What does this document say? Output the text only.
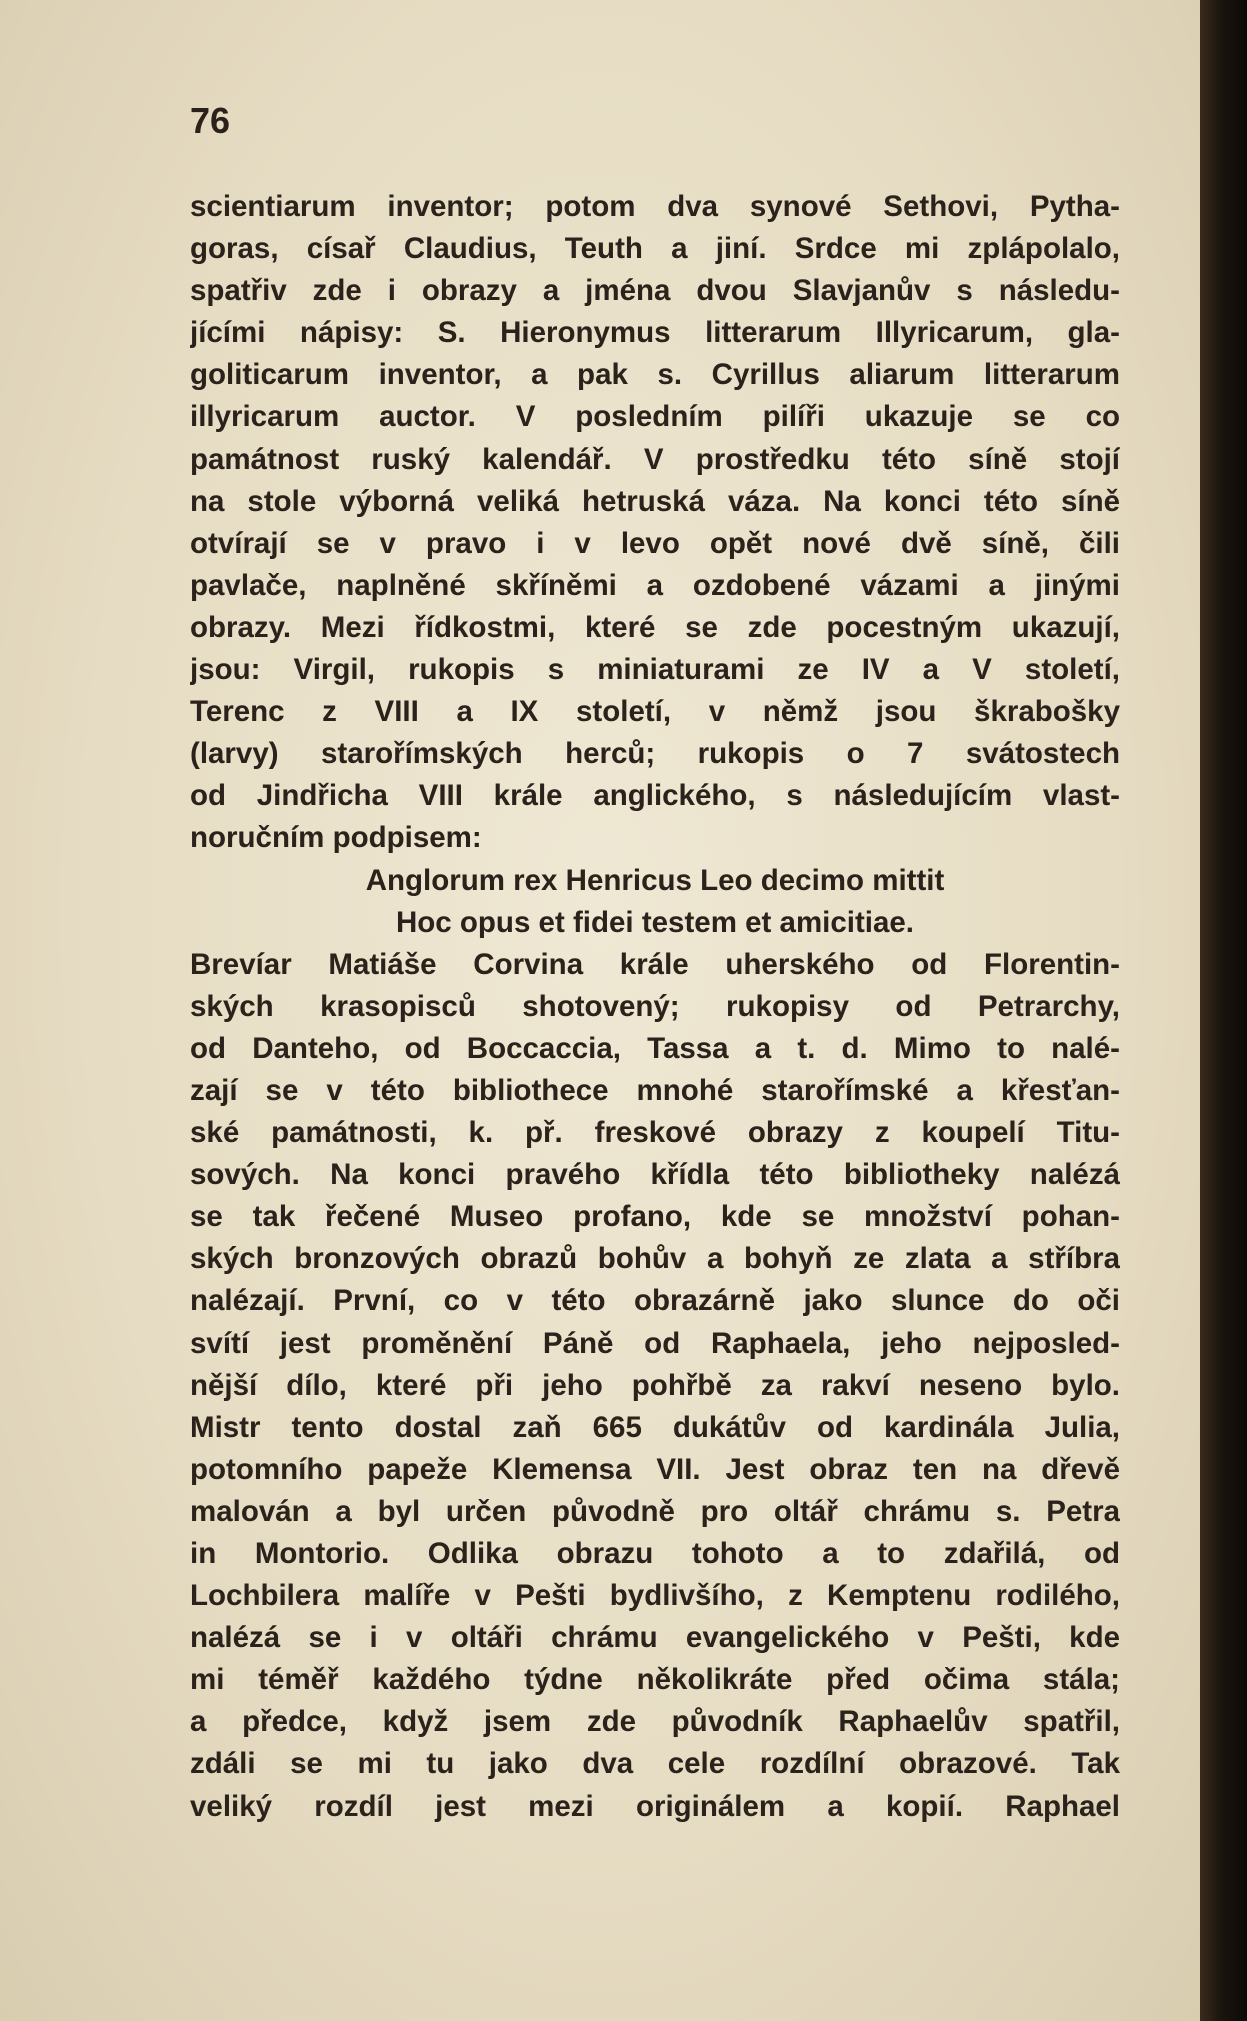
76
scientiarum inventor; potom dva synové Sethovi, Pytha-
goras, císař Claudius, Teuth a jiní. Srdce mi zplápolalo,
spatřiv zde i obrazy a jména dvou Slavjanův s následu-
jícími nápisy: S. Hieronymus litterarum Illyricarum, gla-
goliticarum inventor, a pak s. Cyrillus aliarum litterarum
illyricarum auctor. V posledním pilíři ukazuje se co
památnost ruský kalendář. V prostředku této síně stojí
na stole výborná veliká hetruská váza. Na konci této síně
otvírají se v pravo i v levo opět nové dvě síně, čili
pavlače, naplněné skříněmi a ozdobené vázami a jinými
obrazy. Mezi řídkostmi, které se zde pocestným ukazují,
jsou: Virgil, rukopis s miniaturami ze IV a V století,
Terenc z VIII a IX století, v němž jsou škrabošky
(larvy) starořímských herců; rukopis o 7 svátostech
od Jindřicha VIII krále anglického, s následujícím vlast-
noručním podpisem:
Anglorum rex Henricus Leo decimo mittit
Hoc opus et fidei testem et amicitiae.
Brevíar Matiáše Corvina krále uherského od Florentin-
ských krasopisců shotovený; rukopisy od Petrarchy,
od Danteho, od Boccaccia, Tassa a t. d. Mimo to nalé-
zají se v této bibliothece mnohé starořímské a křesťan-
ské památnosti, k. př. freskové obrazy z koupelí Titu-
sových. Na konci pravého křídla této bibliotheky nalézá
se tak řečené Museo profano, kde se množství pohan-
ských bronzových obrazů bohův a bohyň ze zlata a stříbra
nalézají. První, co v této obrazárně jako slunce do oči
svítí jest proměnění Páně od Raphaela, jeho nejposled-
nější dílo, které při jeho pohřbě za rakví neseno bylo.
Mistr tento dostal zaň 665 dukátův od kardinála Julia,
potomního papeže Klemensa VII. Jest obraz ten na dřevě
malován a byl určen původně pro oltář chrámu s. Petra
in Montorio. Odlika obrazu tohoto a to zdařilá, od
Lochbilera malíře v Pešti bydlivšího, z Kemptenu rodilého,
nalézá se i v oltáři chrámu evangelického v Pešti, kde
mi téměř každého týdne několikráte před očima stála;
a předce, když jsem zde původník Raphaelův spatřil,
zdáli se mi tu jako dva cele rozdílní obrazové. Tak
veliký rozdíl jest mezi originálem a kopií. Raphael
